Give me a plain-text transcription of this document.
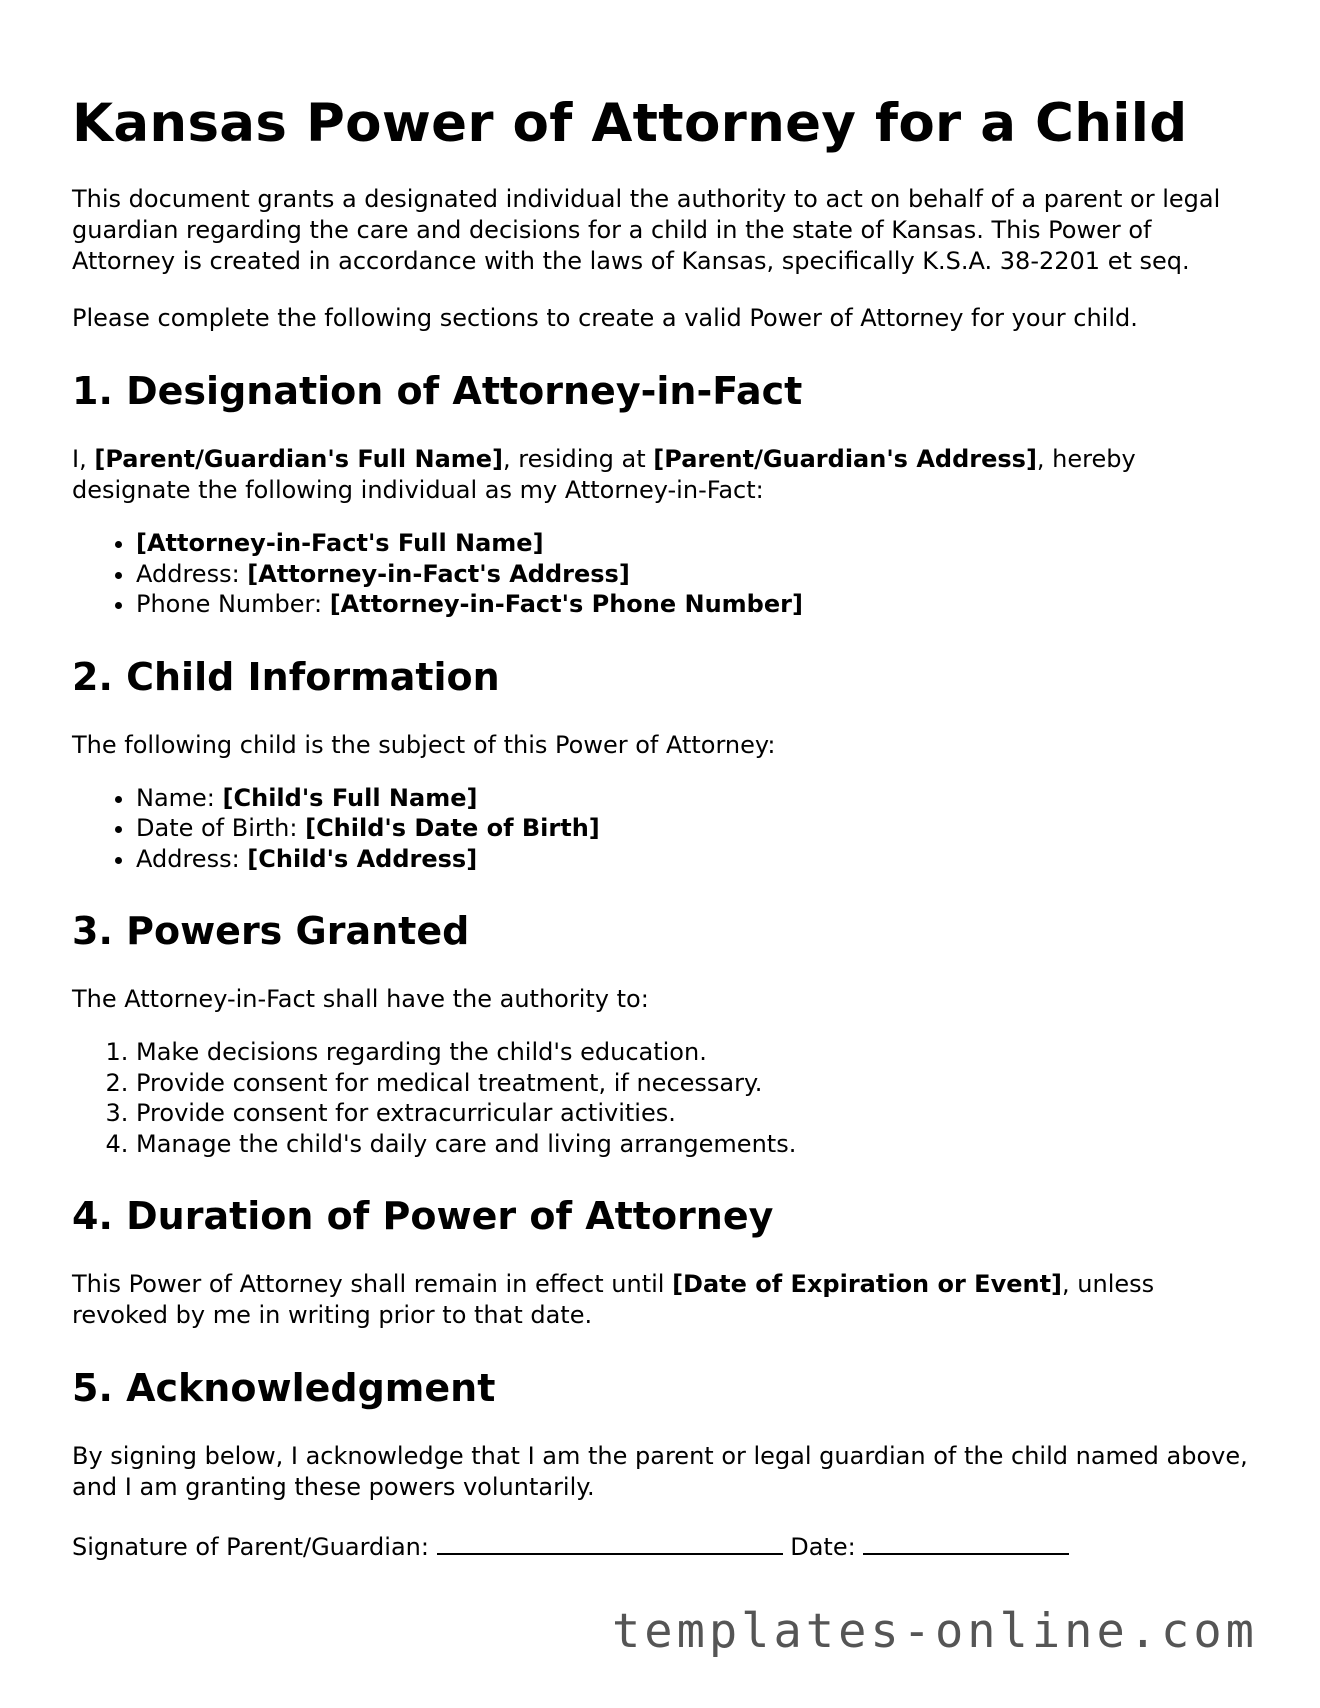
Kansas Power of Attorney for a Child

This document grants a designated individual the authority to act on behalf of a parent or legal guardian regarding the care and decisions for a child in the state of Kansas. This Power of Attorney is created in accordance with the laws of Kansas, specifically K.S.A. 38-2201 et seq.

Please complete the following sections to create a valid Power of Attorney for your child.

1. Designation of Attorney-in-Fact

I, [Parent/Guardian's Full Name], residing at [Parent/Guardian's Address], hereby designate the following individual as my Attorney-in-Fact:

• [Attorney-in-Fact's Full Name]
• Address: [Attorney-in-Fact's Address]
• Phone Number: [Attorney-in-Fact's Phone Number]
2. Child Information

The following child is the subject of this Power of Attorney:

• Name: [Child's Full Name]
• Date of Birth: [Child's Date of Birth]
• Address: [Child's Address]
3. Powers Granted

The Attorney-in-Fact shall have the authority to:

1. Make decisions regarding the child's education.
2. Provide consent for medical treatment, if necessary.
3. Provide consent for extracurricular activities.
4. Manage the child's daily care and living arrangements.
4. Duration of Power of Attorney

This Power of Attorney shall remain in effect until [Date of Expiration or Event], unless revoked by me in writing prior to that date.

5. Acknowledgment

By signing below, I acknowledge that I am the parent or legal guardian of the child named above, and I am granting these powers voluntarily.

Signature of Parent/Guardian:	Date:

templates-online.com
